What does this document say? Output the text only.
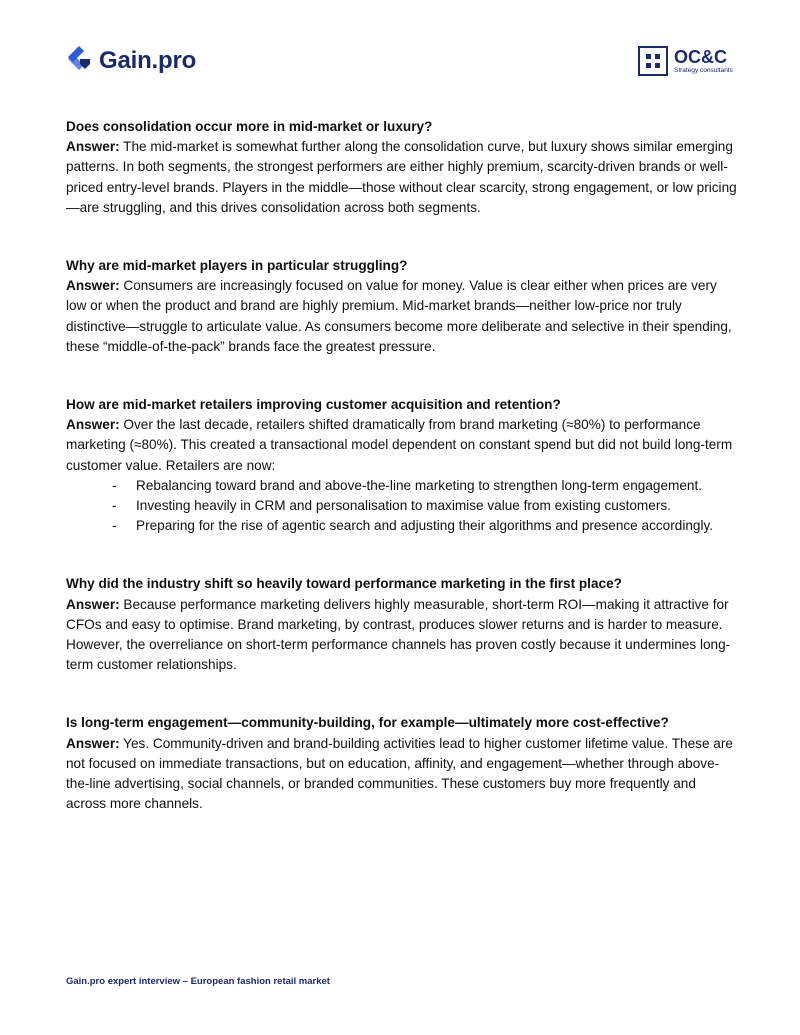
Gain.pro	OC&C
Strategy consultants

Does consolidation occur more in mid-market or luxury?

Answer: The mid-market is somewhat further along the consolidation curve, but luxury shows similar emerging patterns. In both segments, the strongest performers are either highly premium, scarcity-driven brands or well-priced entry-level brands. Players in the middle—those without clear scarcity, strong engagement, or low pricing—are struggling, and this drives consolidation across both segments.

Why are mid-market players in particular struggling?

Answer: Consumers are increasingly focused on value for money. Value is clear either when prices are very low or when the product and brand are highly premium. Mid-market brands—neither low-price nor truly distinctive—struggle to articulate value. As consumers become more deliberate and selective in their spending, these “middle-of-the-pack” brands face the greatest pressure.

How are mid-market retailers improving customer acquisition and retention?

Answer: Over the last decade, retailers shifted dramatically from brand marketing (≈80%) to performance marketing (≈80%). This created a transactional model dependent on constant spend but did not build long-term customer value. Retailers are now:

- Rebalancing toward brand and above-the-line marketing to strengthen long-term engagement.
- Investing heavily in CRM and personalisation to maximise value from existing customers.
- Preparing for the rise of agentic search and adjusting their algorithms and presence accordingly.

Why did the industry shift so heavily toward performance marketing in the first place?

Answer: Because performance marketing delivers highly measurable, short-term ROI—making it attractive for CFOs and easy to optimise. Brand marketing, by contrast, produces slower returns and is harder to measure. However, the overreliance on short-term performance channels has proven costly because it undermines long-term customer relationships.

Is long-term engagement—community-building, for example—ultimately more cost-effective?

Answer: Yes. Community-driven and brand-building activities lead to higher customer lifetime value. These are not focused on immediate transactions, but on education, affinity, and engagement—whether through above-the-line advertising, social channels, or branded communities. These customers buy more frequently and across more channels.

Gain.pro expert interview – European fashion retail market
